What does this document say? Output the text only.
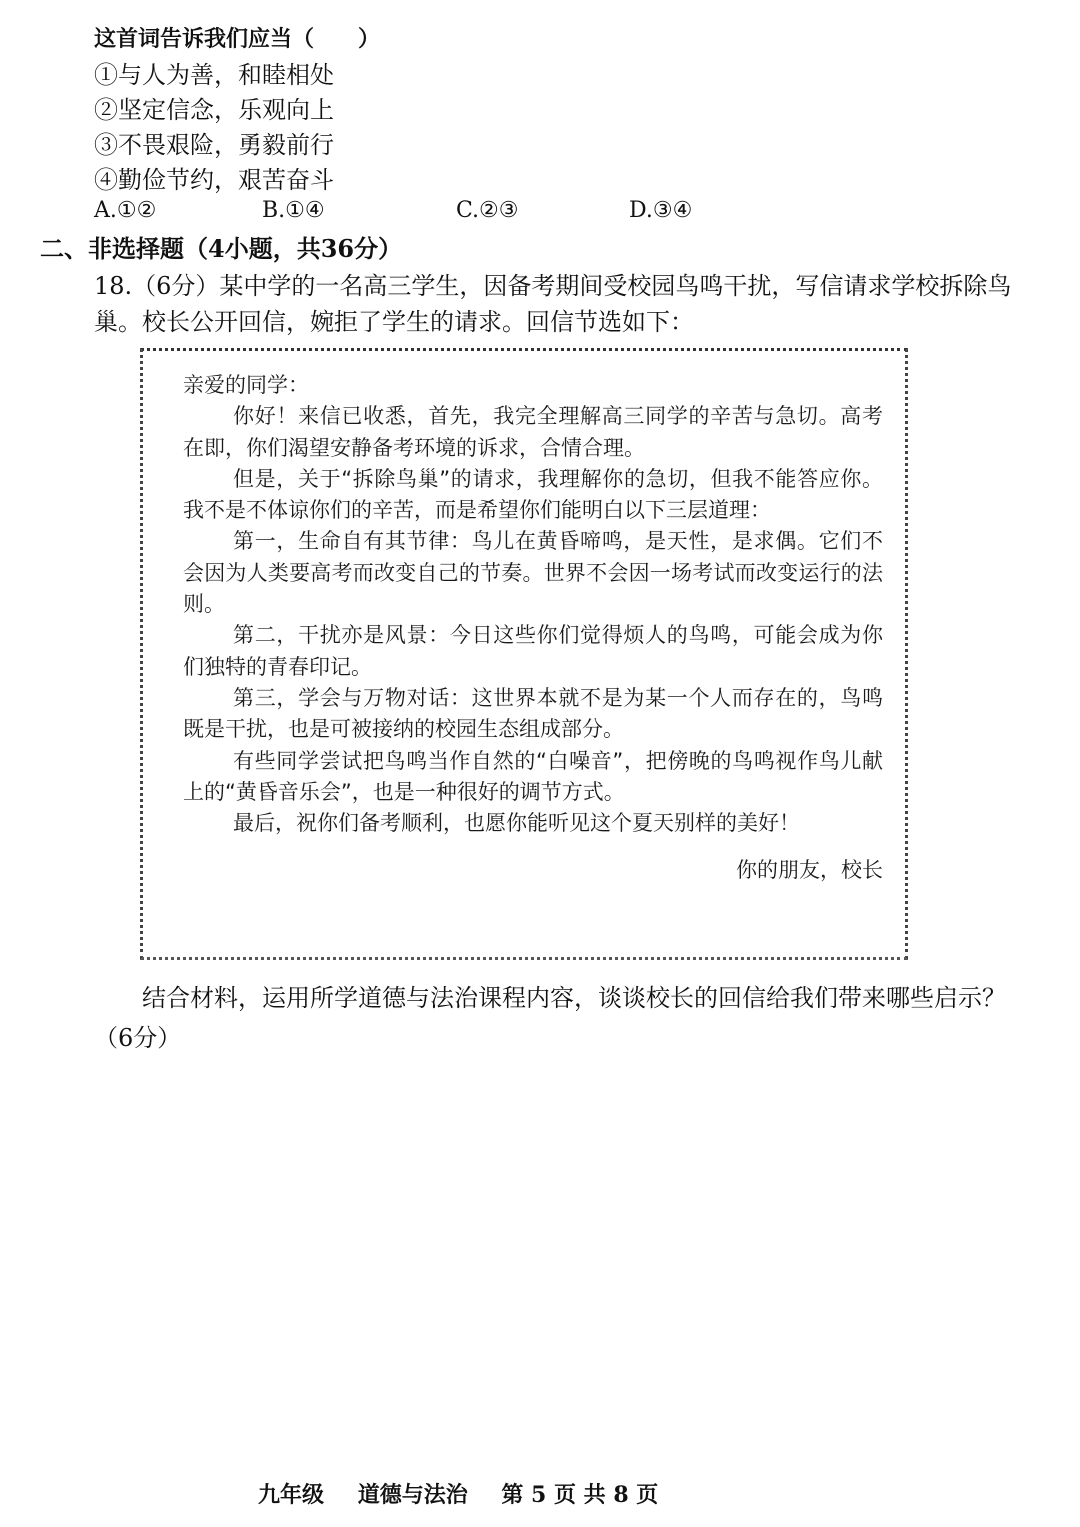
这首词告诉我们应当（　　）
①与人为善，和睦相处
②坚定信念，乐观向上
③不畏艰险，勇毅前行
④勤俭节约，艰苦奋斗
A.①②	B.①④	C.②③	D.③④
二、非选择题（4小题，共36分）
18.（6分）某中学的一名高三学生，因备考期间受校园鸟鸣干扰，写信请求学校拆除鸟巢。校长公开回信，婉拒了学生的请求。回信节选如下：

亲爱的同学：

你好！来信已收悉，首先，我完全理解高三同学的辛苦与急切。高考在即，你们渴望安静备考环境的诉求，合情合理。

但是，关于“拆除鸟巢”的请求，我理解你的急切，但我不能答应你。我不是不体谅你们的辛苦，而是希望你们能明白以下三层道理：

第一，生命自有其节律：鸟儿在黄昏啼鸣，是天性，是求偶。它们不会因为人类要高考而改变自己的节奏。世界不会因一场考试而改变运行的法则。

第二，干扰亦是风景：今日这些你们觉得烦人的鸟鸣，可能会成为你们独特的青春印记。

第三，学会与万物对话：这世界本就不是为某一个人而存在的，鸟鸣既是干扰，也是可被接纳的校园生态组成部分。

有些同学尝试把鸟鸣当作自然的“白噪音”，把傍晚的鸟鸣视作鸟儿献上的“黄昏音乐会”，也是一种很好的调节方式。

最后，祝你们备考顺利，也愿你能听见这个夏天别样的美好！

你的朋友，校长

结合材料，运用所学道德与法治课程内容，谈谈校长的回信给我们带来哪些启示？（6分）
九年级 道德与法治 第 5 页 共 8 页
